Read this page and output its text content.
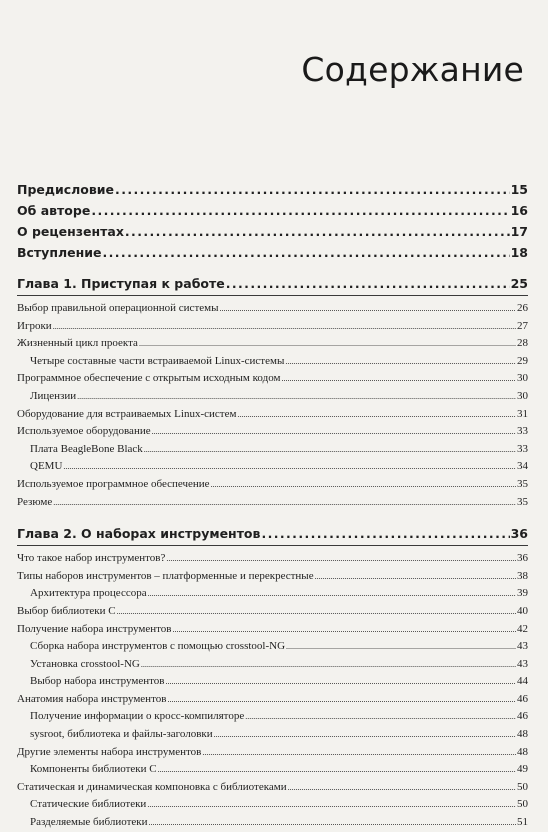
Содержание
Предисловие .....	15
Об авторе .....	16
О рецензентах .....	17
Вступление .....	18
Глава 1. Приступая к работе .....	25
Выбор правильной операционной системы .....	26
Игроки .....	27
Жизненный цикл проекта .....	28
Четыре составные части встраиваемой Linux-системы .....	29
Программное обеспечение с открытым исходным кодом .....	30
Лицензии .....	30
Оборудование для встраиваемых Linux-систем .....	31
Используемое оборудование .....	33
Плата BeagleBone Black .....	33
QEMU .....	34
Используемое программное обеспечение .....	35
Резюме .....	35
Глава 2. О наборах инструментов .....	36
Что такое набор инструментов? .....	36
Типы наборов инструментов – платформенные и перекрестные .....	38
Архитектура процессора .....	39
Выбор библиотеки C .....	40
Получение набора инструментов .....	42
Сборка набора инструментов с помощью crosstool-NG .....	43
Установка crosstool-NG .....	43
Выбор набора инструментов .....	44
Анатомия набора инструментов .....	46
Получение информации о кросс-компиляторе .....	46
sysroot, библиотека и файлы-заголовки .....	48
Другие элементы набора инструментов .....	48
Компоненты библиотеки C .....	49
Статическая и динамическая компоновка с библиотеками .....	50
Статические библиотеки .....	50
Разделяемые библиотеки .....	51
